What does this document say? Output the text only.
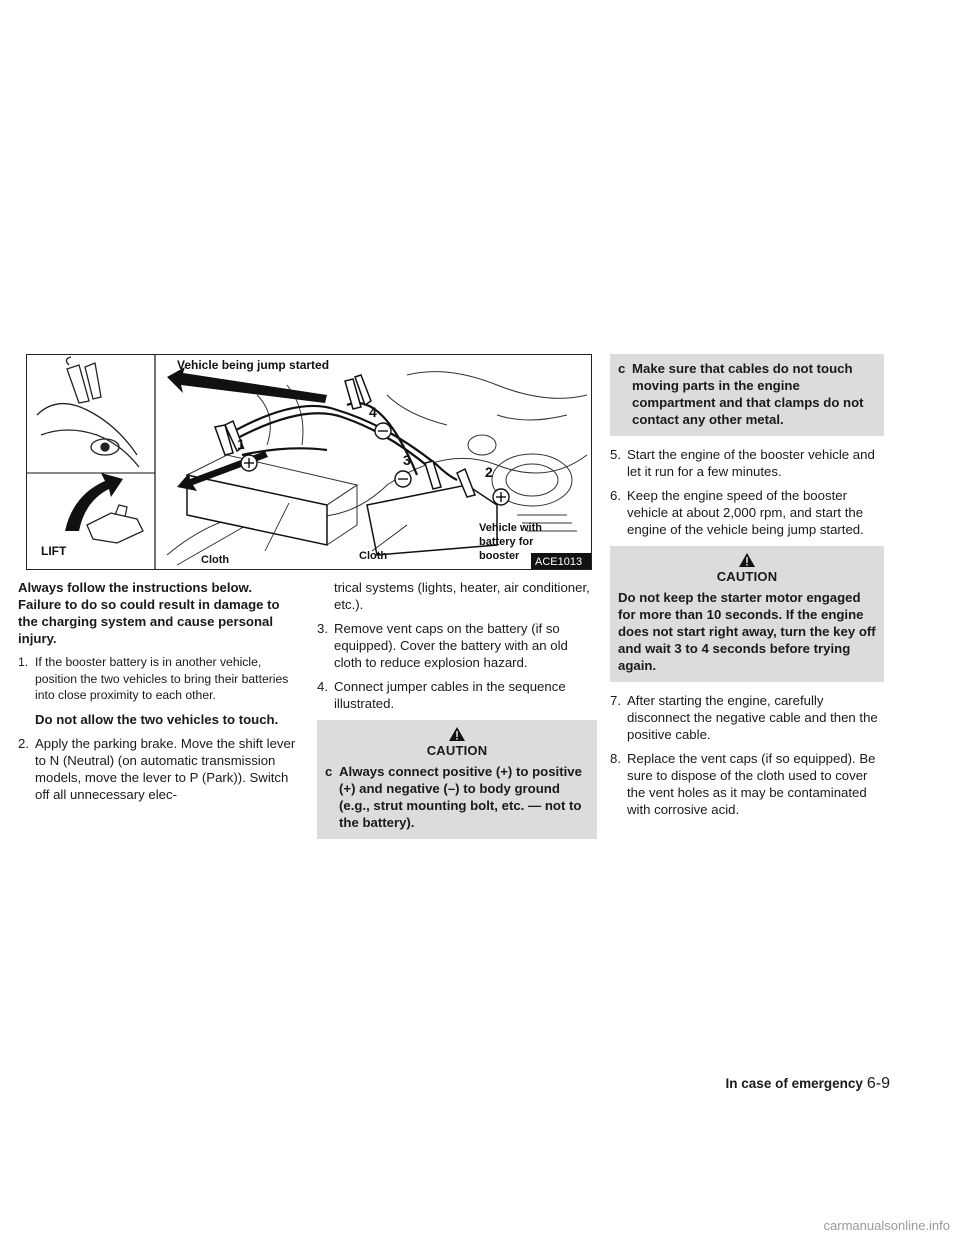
LIFT
1
4
3
2
Vehicle being jump started
Cloth	Cloth
Vehicle with
battery for
booster ACE1013

Always follow the instructions below. Failure to do so could result in damage to the charging system and cause personal injury.

1. If the booster battery is in another vehicle, position the two vehicles to bring their batteries into close proximity to each other.

Do not allow the two vehicles to touch.

2. Apply the parking brake. Move the shift lever to N (Neutral) (on automatic transmission models, move the lever to P (Park)). Switch off all unnecessary elec-

trical systems (lights, heater, air conditioner, etc.).

3. Remove vent caps on the battery (if so equipped). Cover the battery with an old cloth to reduce explosion hazard.
4. Connect jumper cables in the sequence illustrated.
CAUTION
c Always connect positive (+) to positive (+) and negative (–) to body ground (e.g., strut mounting bolt, etc. — not to the battery).
c Make sure that cables do not touch moving parts in the engine compartment and that clamps do not contact any other metal.
5. Start the engine of the booster vehicle and let it run for a few minutes.
6. Keep the engine speed of the booster vehicle at about 2,000 rpm, and start the engine of the vehicle being jump started.
CAUTION

Do not keep the starter motor engaged for more than 10 seconds. If the engine does not start right away, turn the key off and wait 3 to 4 seconds before trying again.

7. After starting the engine, carefully disconnect the negative cable and then the positive cable.
8. Replace the vent caps (if so equipped). Be sure to dispose of the cloth used to cover the vent holes as it may be contaminated with corrosive acid.
In case of emergency 6-9
carmanualsonline.info
